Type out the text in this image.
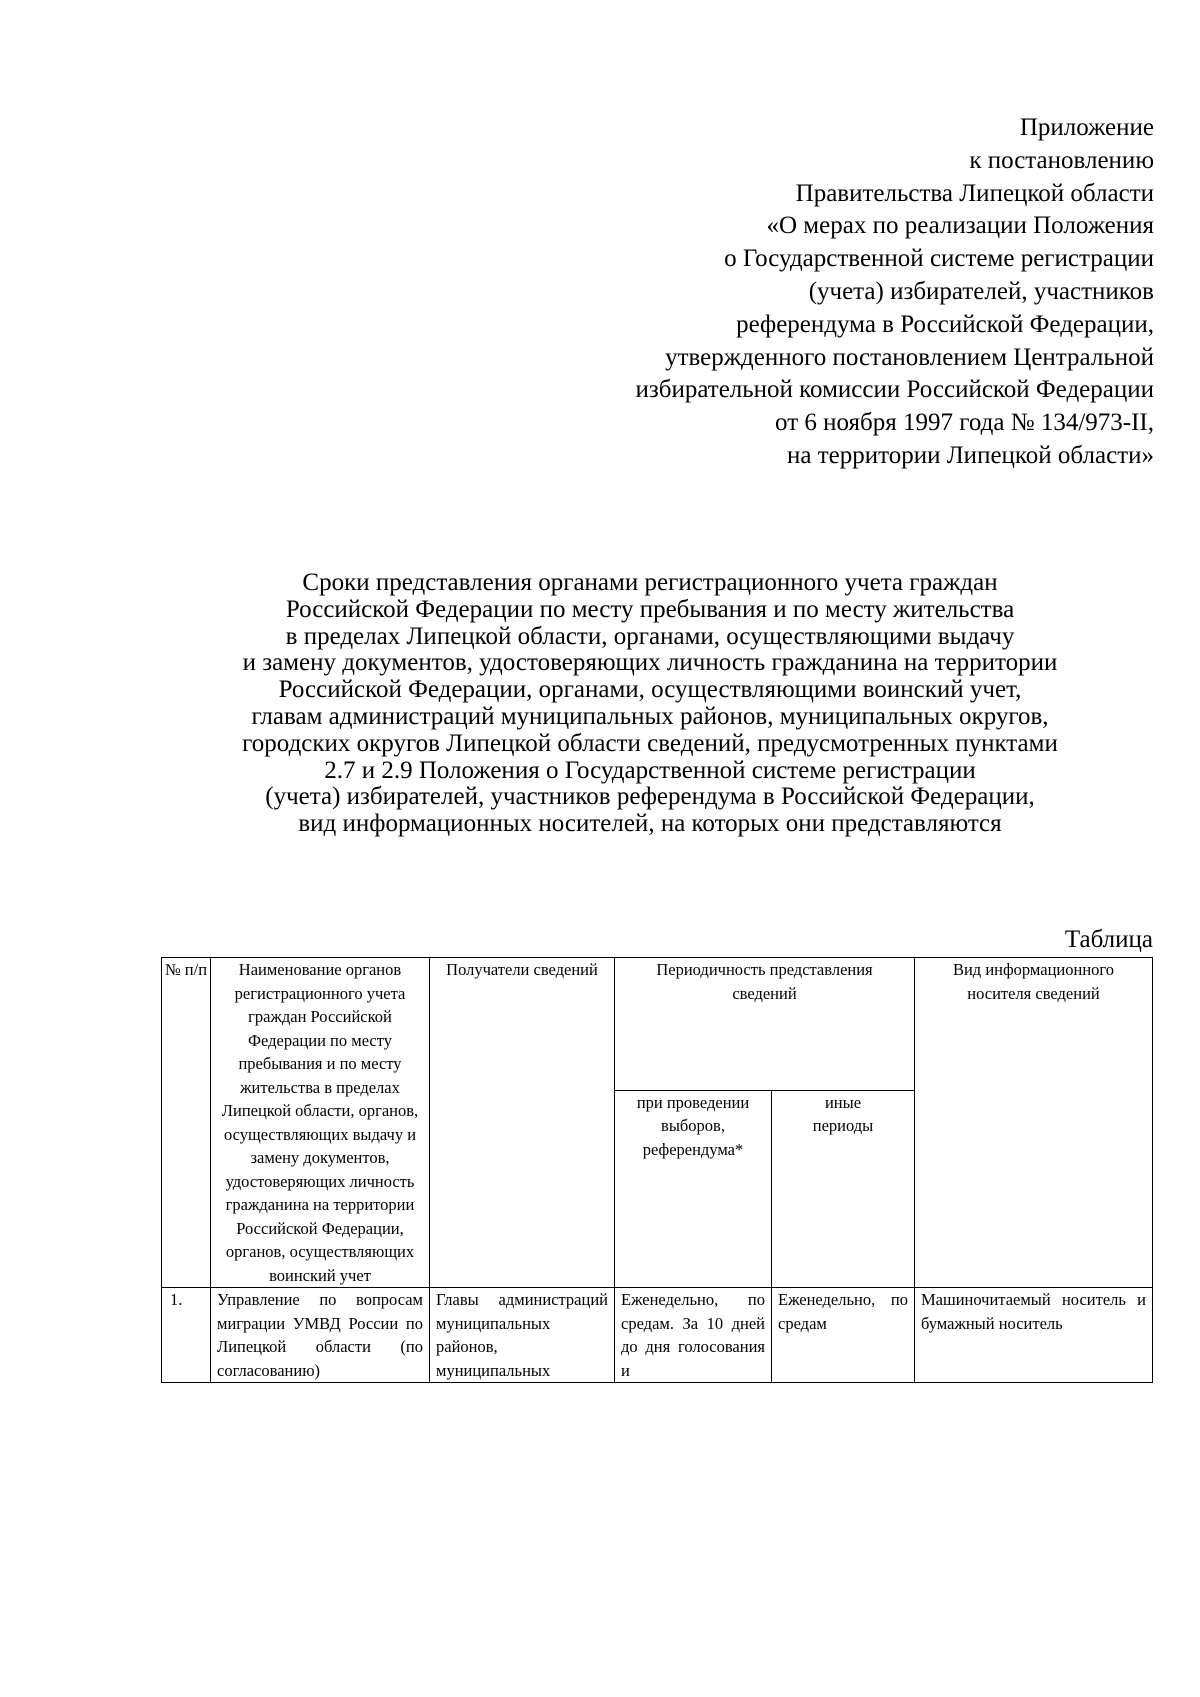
Приложение
к постановлению
Правительства Липецкой области
«О мерах по реализации Положения
о Государственной системе регистрации
(учета) избирателей, участников
референдума в Российской Федерации,
утвержденного постановлением Центральной
избирательной комиссии Российской Федерации
от 6 ноября 1997 года № 134/973-II,
на территории Липецкой области»
Сроки представления органами регистрационного учета граждан
Российской Федерации по месту пребывания и по месту жительства
в пределах Липецкой области, органами, осуществляющими выдачу
и замену документов, удостоверяющих личность гражданина на территории
Российской Федерации, органами, осуществляющими воинский учет,
главам администраций муниципальных районов, муниципальных округов,
городских округов Липецкой области сведений, предусмотренных пунктами
2.7 и 2.9 Положения о Государственной системе регистрации
(учета) избирателей, участников референдума в Российской Федерации,
вид информационных носителей, на которых они представляются
Таблица
№ п/п	Наименование органов регистрационного учета граждан Российской Федерации по месту пребывания и по месту жительства в пределах Липецкой области, органов, осуществляющих выдачу и замену документов, удостоверяющих личность гражданина на территории Российской Федерации, органов, осуществляющих воинский учет	Получатели сведений	Периодичность представления сведений		Вид информационного носителя сведений
			при проведении выборов, референдума*	иные периоды	
1.	Управление по вопросам миграции УМВД России по Липецкой области (по согласованию)	Главы администраций муниципальных районов, муниципальных	Еженедельно, по средам. За 10 дней до дня голосования и	Еженедельно, по средам	Машиночитаемый носитель и бумажный носитель
